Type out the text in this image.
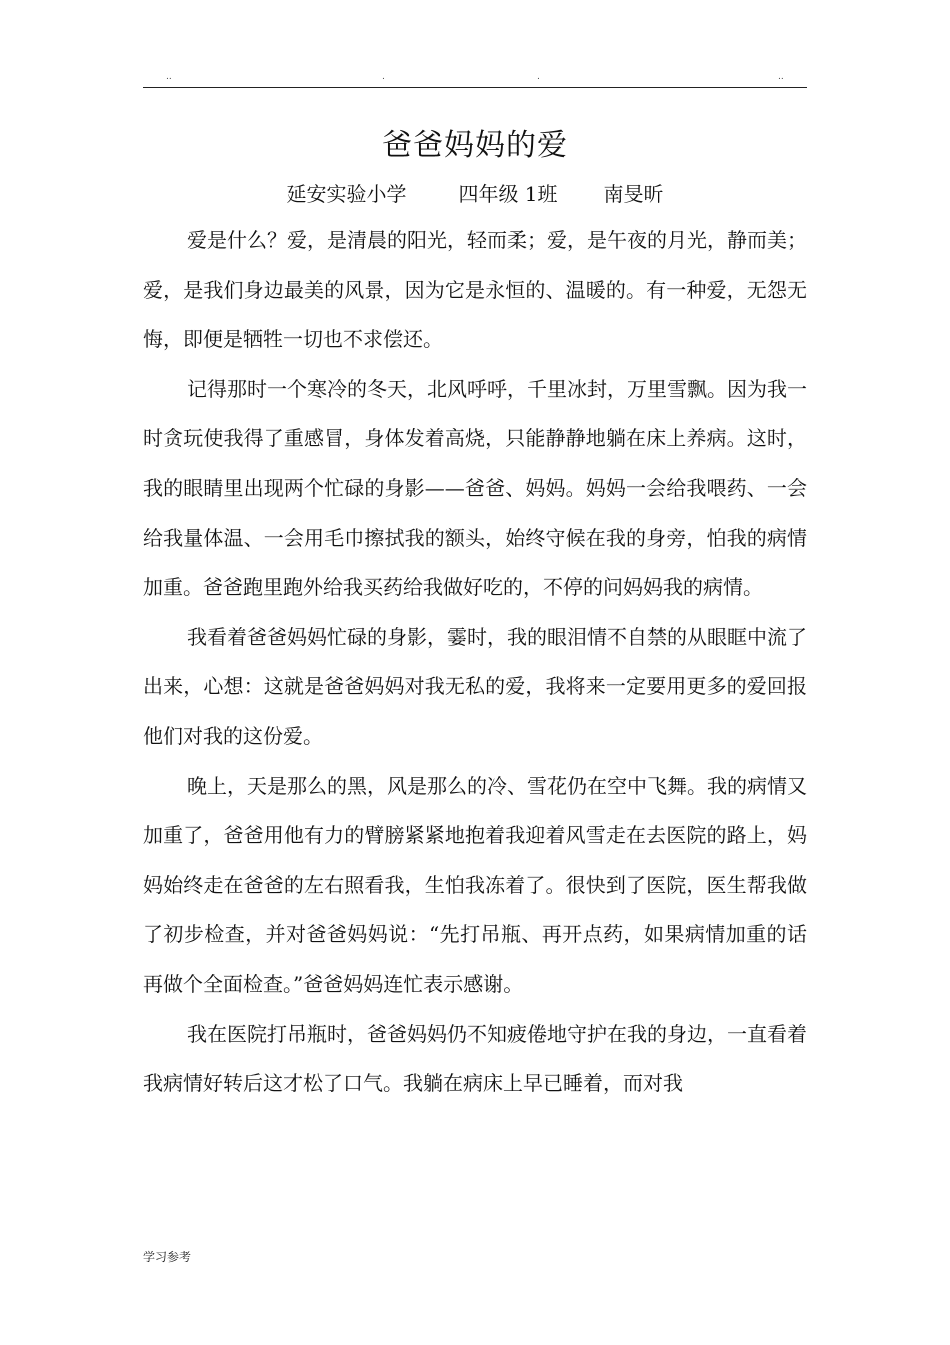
..	.	.	..
爸爸妈妈的爱
延安实验小学	四年级 1班 南旻昕

爱是什么？爱，是清晨的阳光，轻而柔；爱，是午夜的月光，静而美；爱，是我们身边最美的风景，因为它是永恒的、温暖的。有一种爱，无怨无悔，即便是牺牲一切也不求偿还。

记得那时一个寒冷的冬天，北风呼呼，千里冰封，万里雪飘。因为我一时贪玩使我得了重感冒，身体发着高烧，只能静静地躺在床上养病。这时，我的眼睛里出现两个忙碌的身影——爸爸、妈妈。妈妈一会给我喂药、一会给我量体温、一会用毛巾擦拭我的额头，始终守候在我的身旁，怕我的病情加重。爸爸跑里跑外给我买药给我做好吃的，不停的问妈妈我的病情。

我看着爸爸妈妈忙碌的身影，霎时，我的眼泪情不自禁的从眼眶中流了出来，心想：这就是爸爸妈妈对我无私的爱，我将来一定要用更多的爱回报他们对我的这份爱。

晚上，天是那么的黑，风是那么的冷、雪花仍在空中飞舞。我的病情又加重了，爸爸用他有力的臂膀紧紧地抱着我迎着风雪走在去医院的路上，妈妈始终走在爸爸的左右照看我，生怕我冻着了。很快到了医院，医生帮我做了初步检查，并对爸爸妈妈说：“先打吊瓶、再开点药，如果病情加重的话再做个全面检查。”爸爸妈妈连忙表示感谢。

我在医院打吊瓶时，爸爸妈妈仍不知疲倦地守护在我的身边，一直看着我病情好转后这才松了口气。我躺在病床上早已睡着，而对我

学习参考
